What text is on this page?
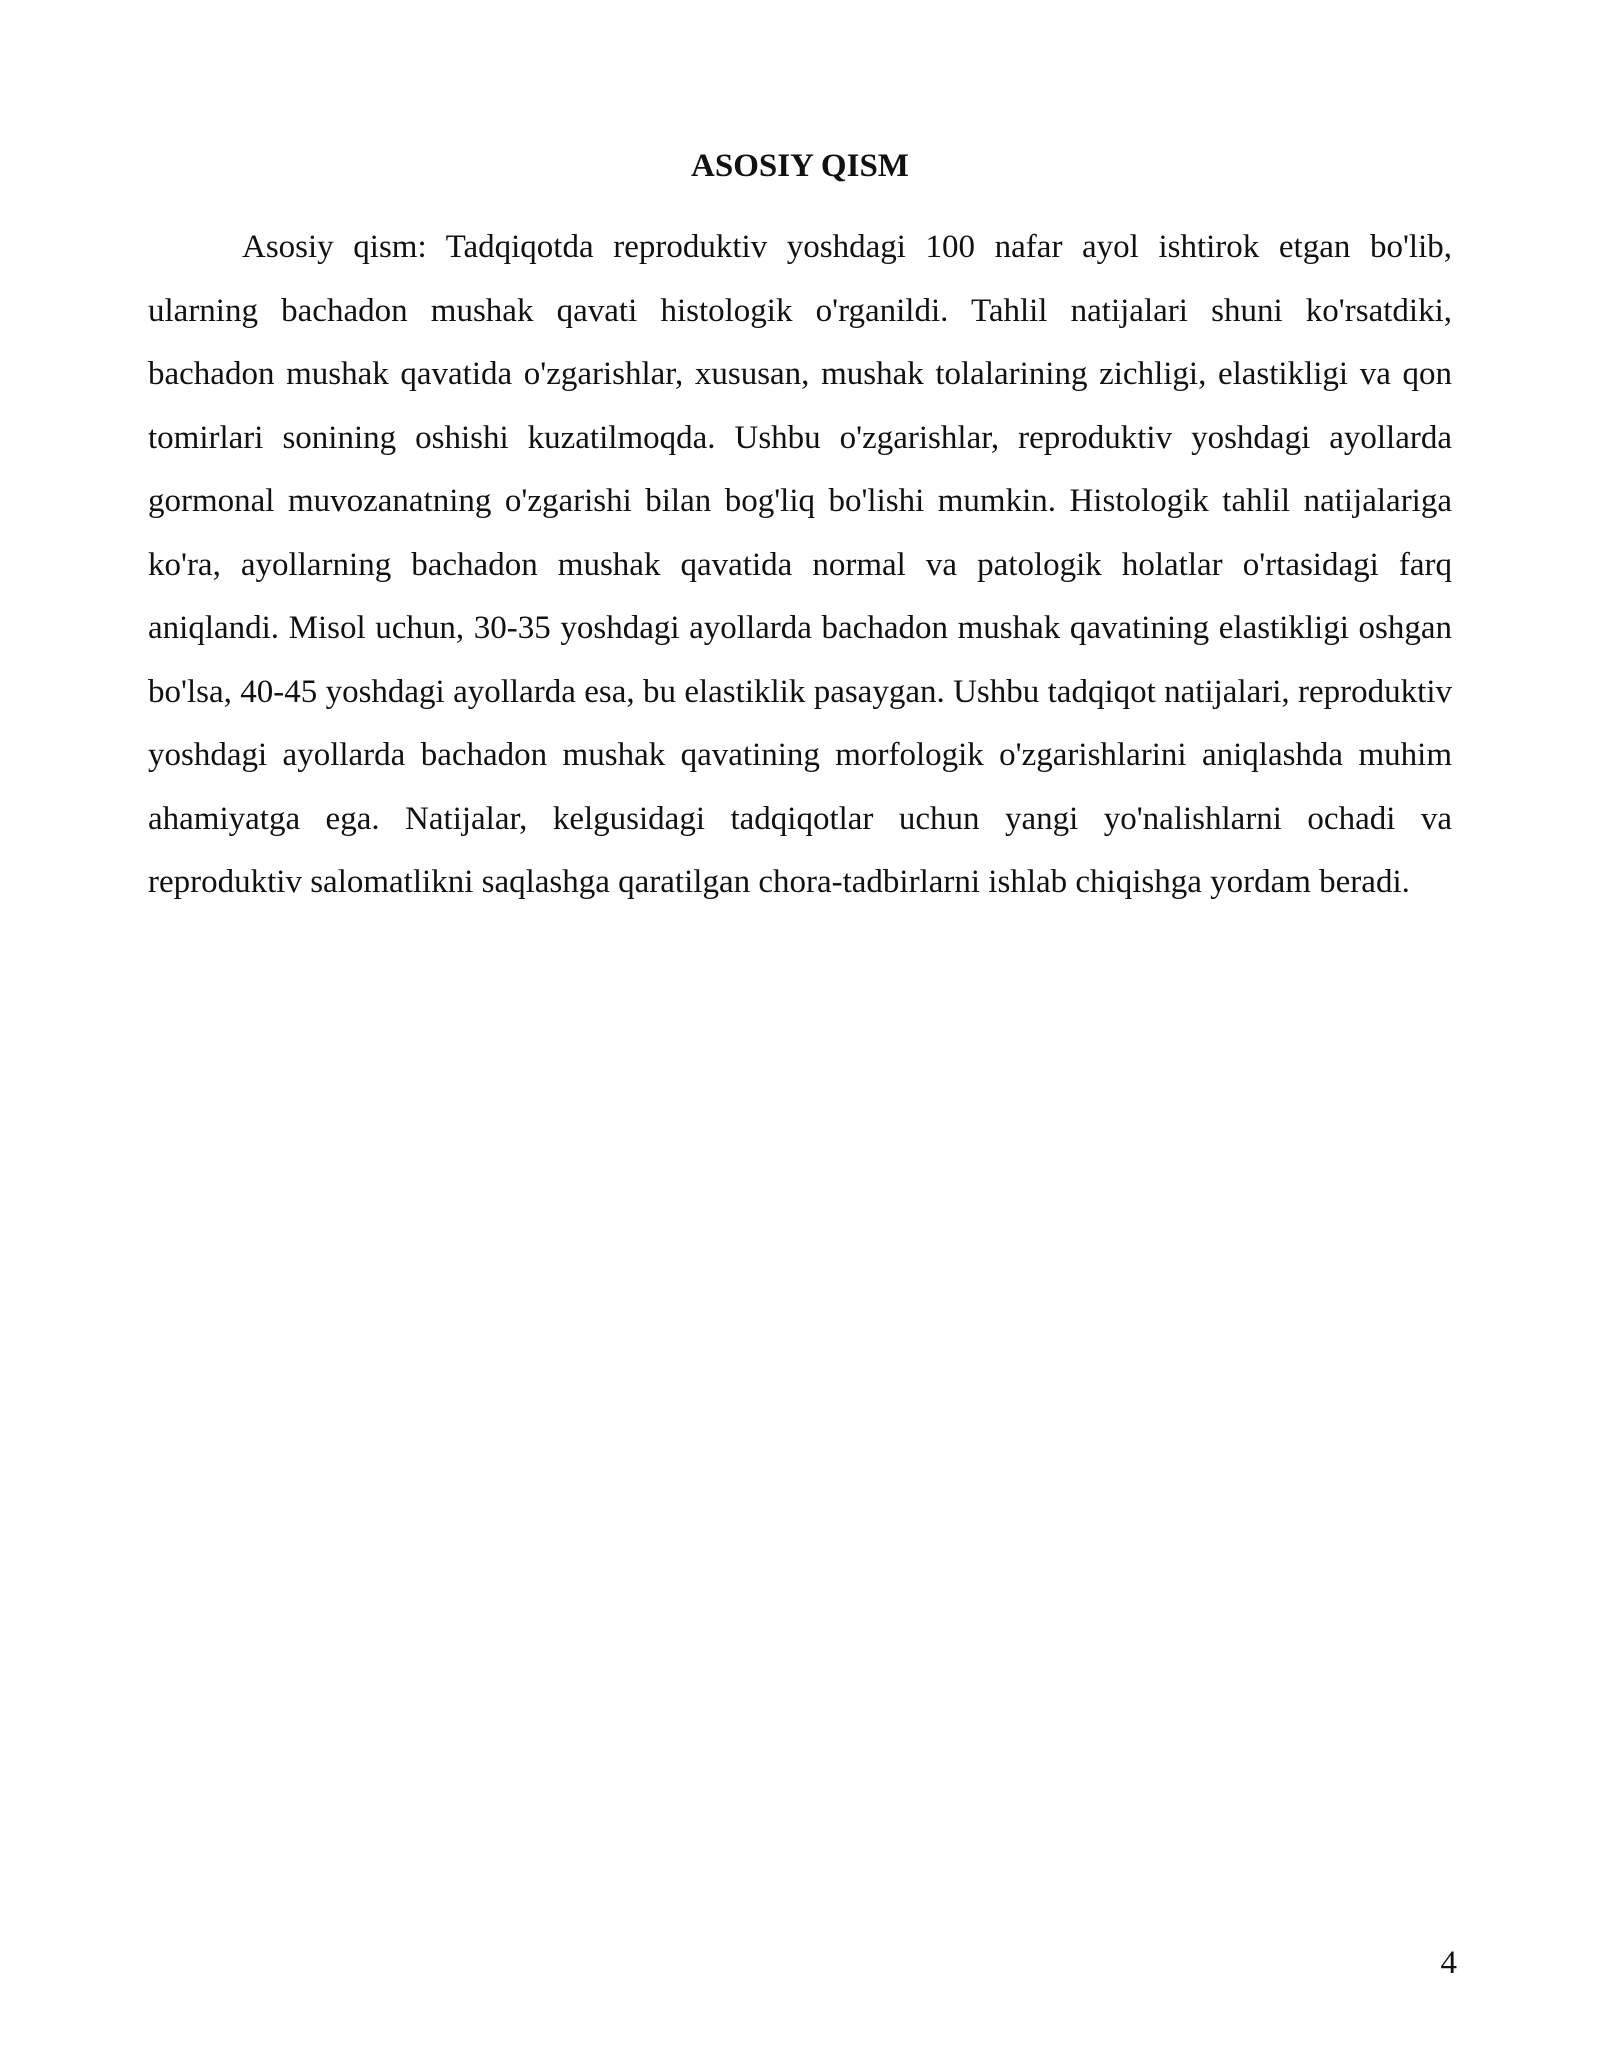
ASOSIY QISM

Asosiy qism: Tadqiqotda reproduktiv yoshdagi 100 nafar ayol ishtirok etgan bo'lib, ularning bachadon mushak qavati histologik o'rganildi. Tahlil natijalari shuni ko'rsatdiki, bachadon mushak qavatida o'zgarishlar, xususan, mushak tolalarining zichligi, elastikligi va qon tomirlari sonining oshishi kuzatilmoqda. Ushbu o'zgarishlar, reproduktiv yoshdagi ayollarda gormonal muvozanatning o'zgarishi bilan bog'liq bo'lishi mumkin. Histologik tahlil natijalariga ko'ra, ayollarning bachadon mushak qavatida normal va patologik holatlar o'rtasidagi farq aniqlandi. Misol uchun, 30-35 yoshdagi ayollarda bachadon mushak qavatining elastikligi oshgan bo'lsa, 40-45 yoshdagi ayollarda esa, bu elastiklik pasaygan. Ushbu tadqiqot natijalari, reproduktiv yoshdagi ayollarda bachadon mushak qavatining morfologik o'zgarishlarini aniqlashda muhim ahamiyatga ega. Natijalar, kelgusidagi tadqiqotlar uchun yangi yo'nalishlarni ochadi va reproduktiv salomatlikni saqlashga qaratilgan chora-tadbirlarni ishlab chiqishga yordam beradi.

4
